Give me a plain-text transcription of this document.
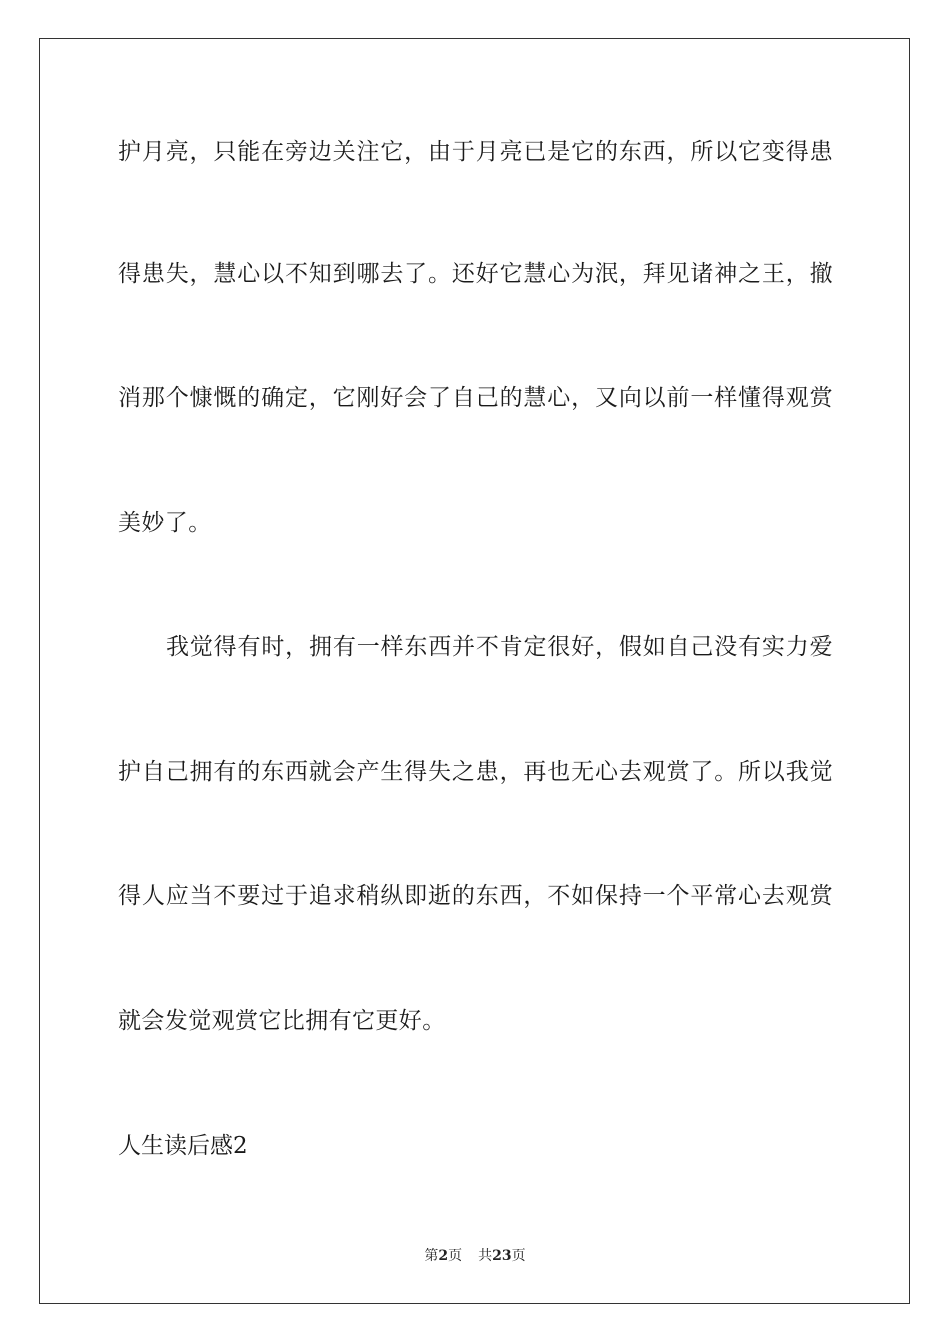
护月亮，只能在旁边关注它，由于月亮已是它的东西，所以它变得患
得患失，慧心以不知到哪去了。还好它慧心为泯，拜见诸神之王，撤
消那个慷慨的确定，它刚好会了自己的慧心，又向以前一样懂得观赏
美妙了。
我觉得有时，拥有一样东西并不肯定很好，假如自己没有实力爱
护自己拥有的东西就会产生得失之患，再也无心去观赏了。所以我觉
得人应当不要过于追求稍纵即逝的东西，不如保持一个平常心去观赏
就会发觉观赏它比拥有它更好。
人生读后感2
第2页 共23页
